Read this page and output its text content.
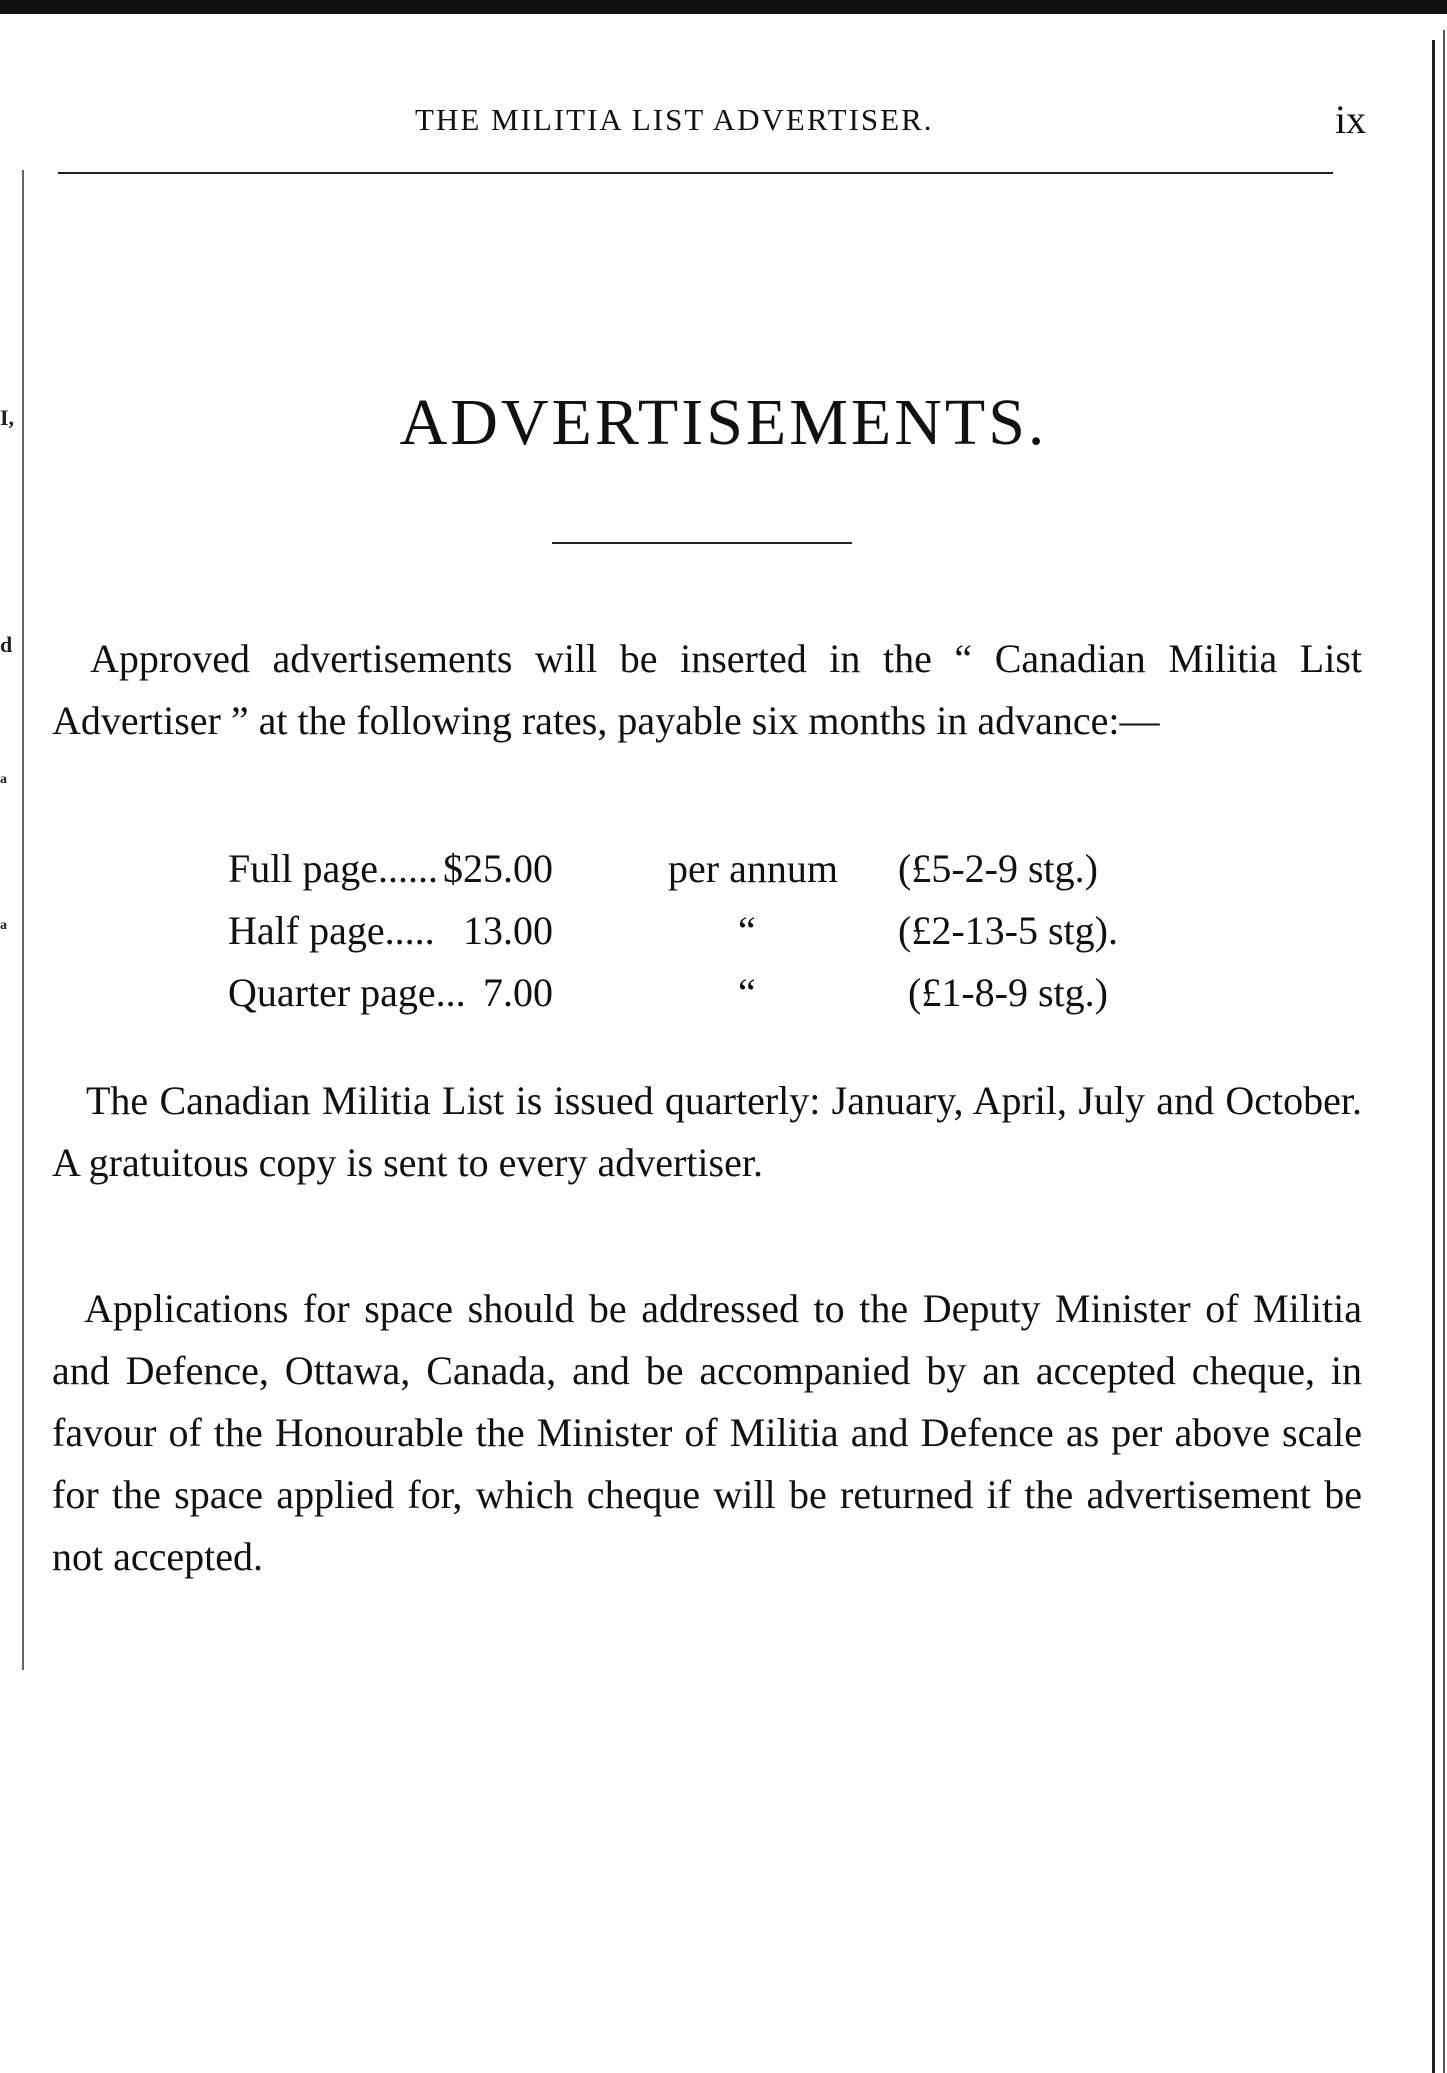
I,
d
a
a
THE MILITIA LIST ADVERTISER.	ix
ADVERTISEMENTS.

Approved advertisements will be inserted in the “ Canadian Militia List Advertiser ” at the following rates, payable six months in advance:—

Full page...... $25.00	per annum (£5-2-9 stg.)
Half page..... 13.00	“	(£2-13-5 stg).
Quarter page... 7.00	“	(£1-8-9 stg.)

The Canadian Militia List is issued quarterly: January, April, July and October. A gratuitous copy is sent to every advertiser.

Applications for space should be addressed to the Deputy Minister of Militia and Defence, Ottawa, Canada, and be accompanied by an accepted cheque, in favour of the Honourable the Minister of Militia and Defence as per above scale for the space applied for, which cheque will be returned if the advertisement be not accepted.
